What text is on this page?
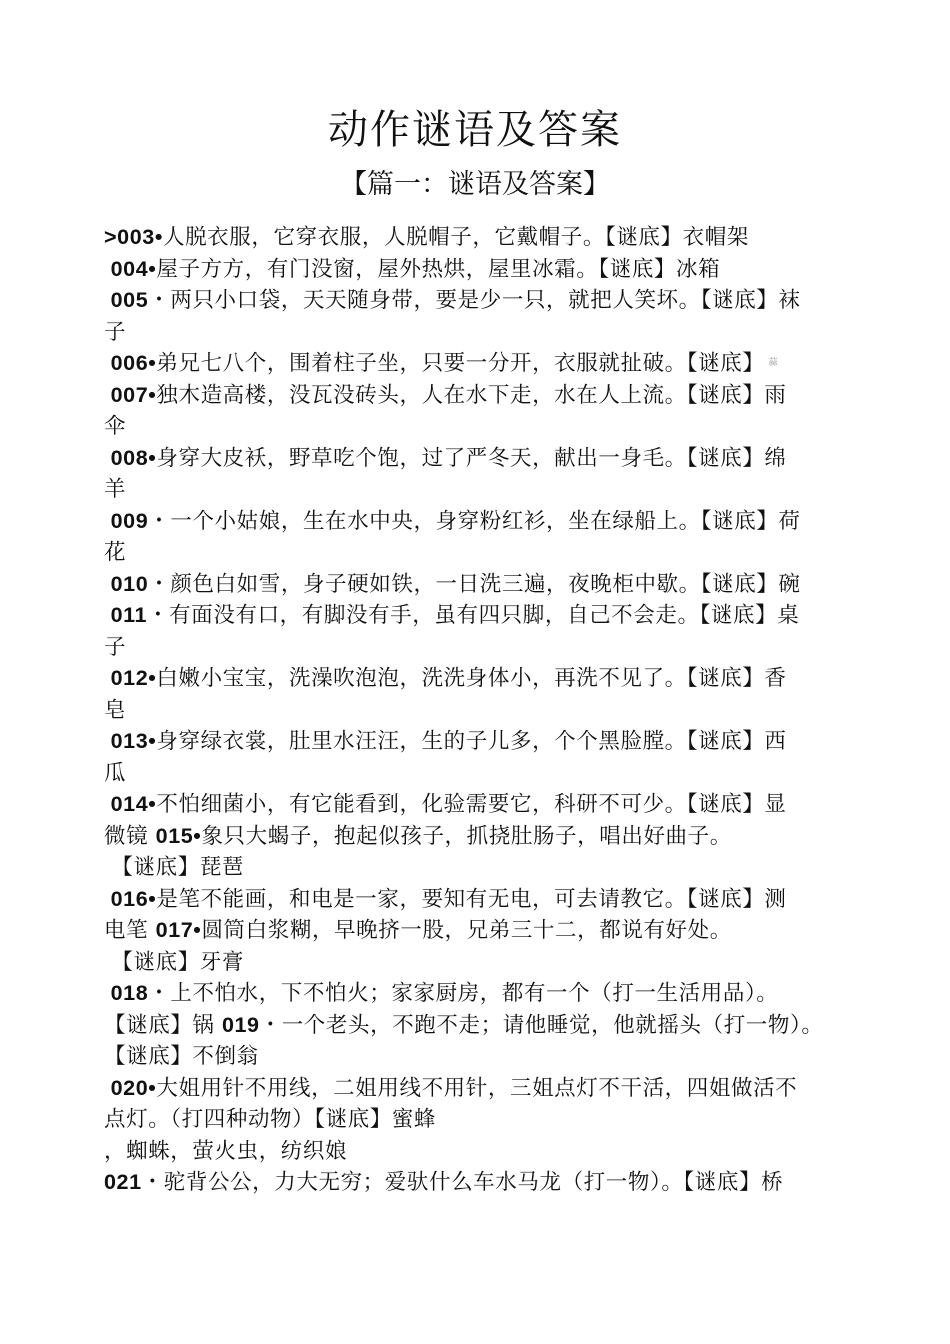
动作谜语及答案
【篇一：谜语及答案】
>003•人脱衣服，它穿衣服，人脱帽子，它戴帽子。【谜底】衣帽架
004•屋子方方，有门没窗，屋外热烘，屋里冰霜。【谜底】冰箱
005・两只小口袋，天天随身带，要是少一只，就把人笑坏。【谜底】袜
子
006•弟兄七八个，围着柱子坐，只要一分开，衣服就扯破。【谜底】 蒜
007•独木造高楼，没瓦没砖头，人在水下走，水在人上流。【谜底】雨
伞
008•身穿大皮袄，野草吃个饱，过了严冬天，献出一身毛。【谜底】绵
羊
009・一个小姑娘，生在水中央，身穿粉红衫，坐在绿船上。【谜底】荷
花
010・颜色白如雪，身子硬如铁，一日洗三遍，夜晚柜中歇。【谜底】碗
011・有面没有口，有脚没有手，虽有四只脚，自己不会走。【谜底】桌
子
012•白嫩小宝宝，洗澡吹泡泡，洗洗身体小，再洗不见了。【谜底】香
皂
013•身穿绿衣裳，肚里水汪汪，生的子儿多，个个黑脸膛。【谜底】西
瓜
014•不怕细菌小，有它能看到，化验需要它，科研不可少。【谜底】显
微镜 015•象只大蝎子，抱起似孩子，抓挠肚肠子，唱出好曲子。
【谜底】琵琶
016•是笔不能画，和电是一家，要知有无电，可去请教它。【谜底】测
电笔 017•圆筒白浆糊，早晚挤一股，兄弟三十二，都说有好处。
【谜底】牙膏
018・上不怕水，下不怕火；家家厨房，都有一个（打一生活用品）。
【谜底】锅 019・一个老头，不跑不走；请他睡觉，他就摇头（打一物）。
【谜底】不倒翁
020•大姐用针不用线，二姐用线不用针，三姐点灯不干活，四姐做活不
点灯。（打四种动物）【谜底】蜜蜂
，蜘蛛，萤火虫，纺织娘
021・驼背公公，力大无穷；爱驮什么车水马龙（打一物）。【谜底】桥
